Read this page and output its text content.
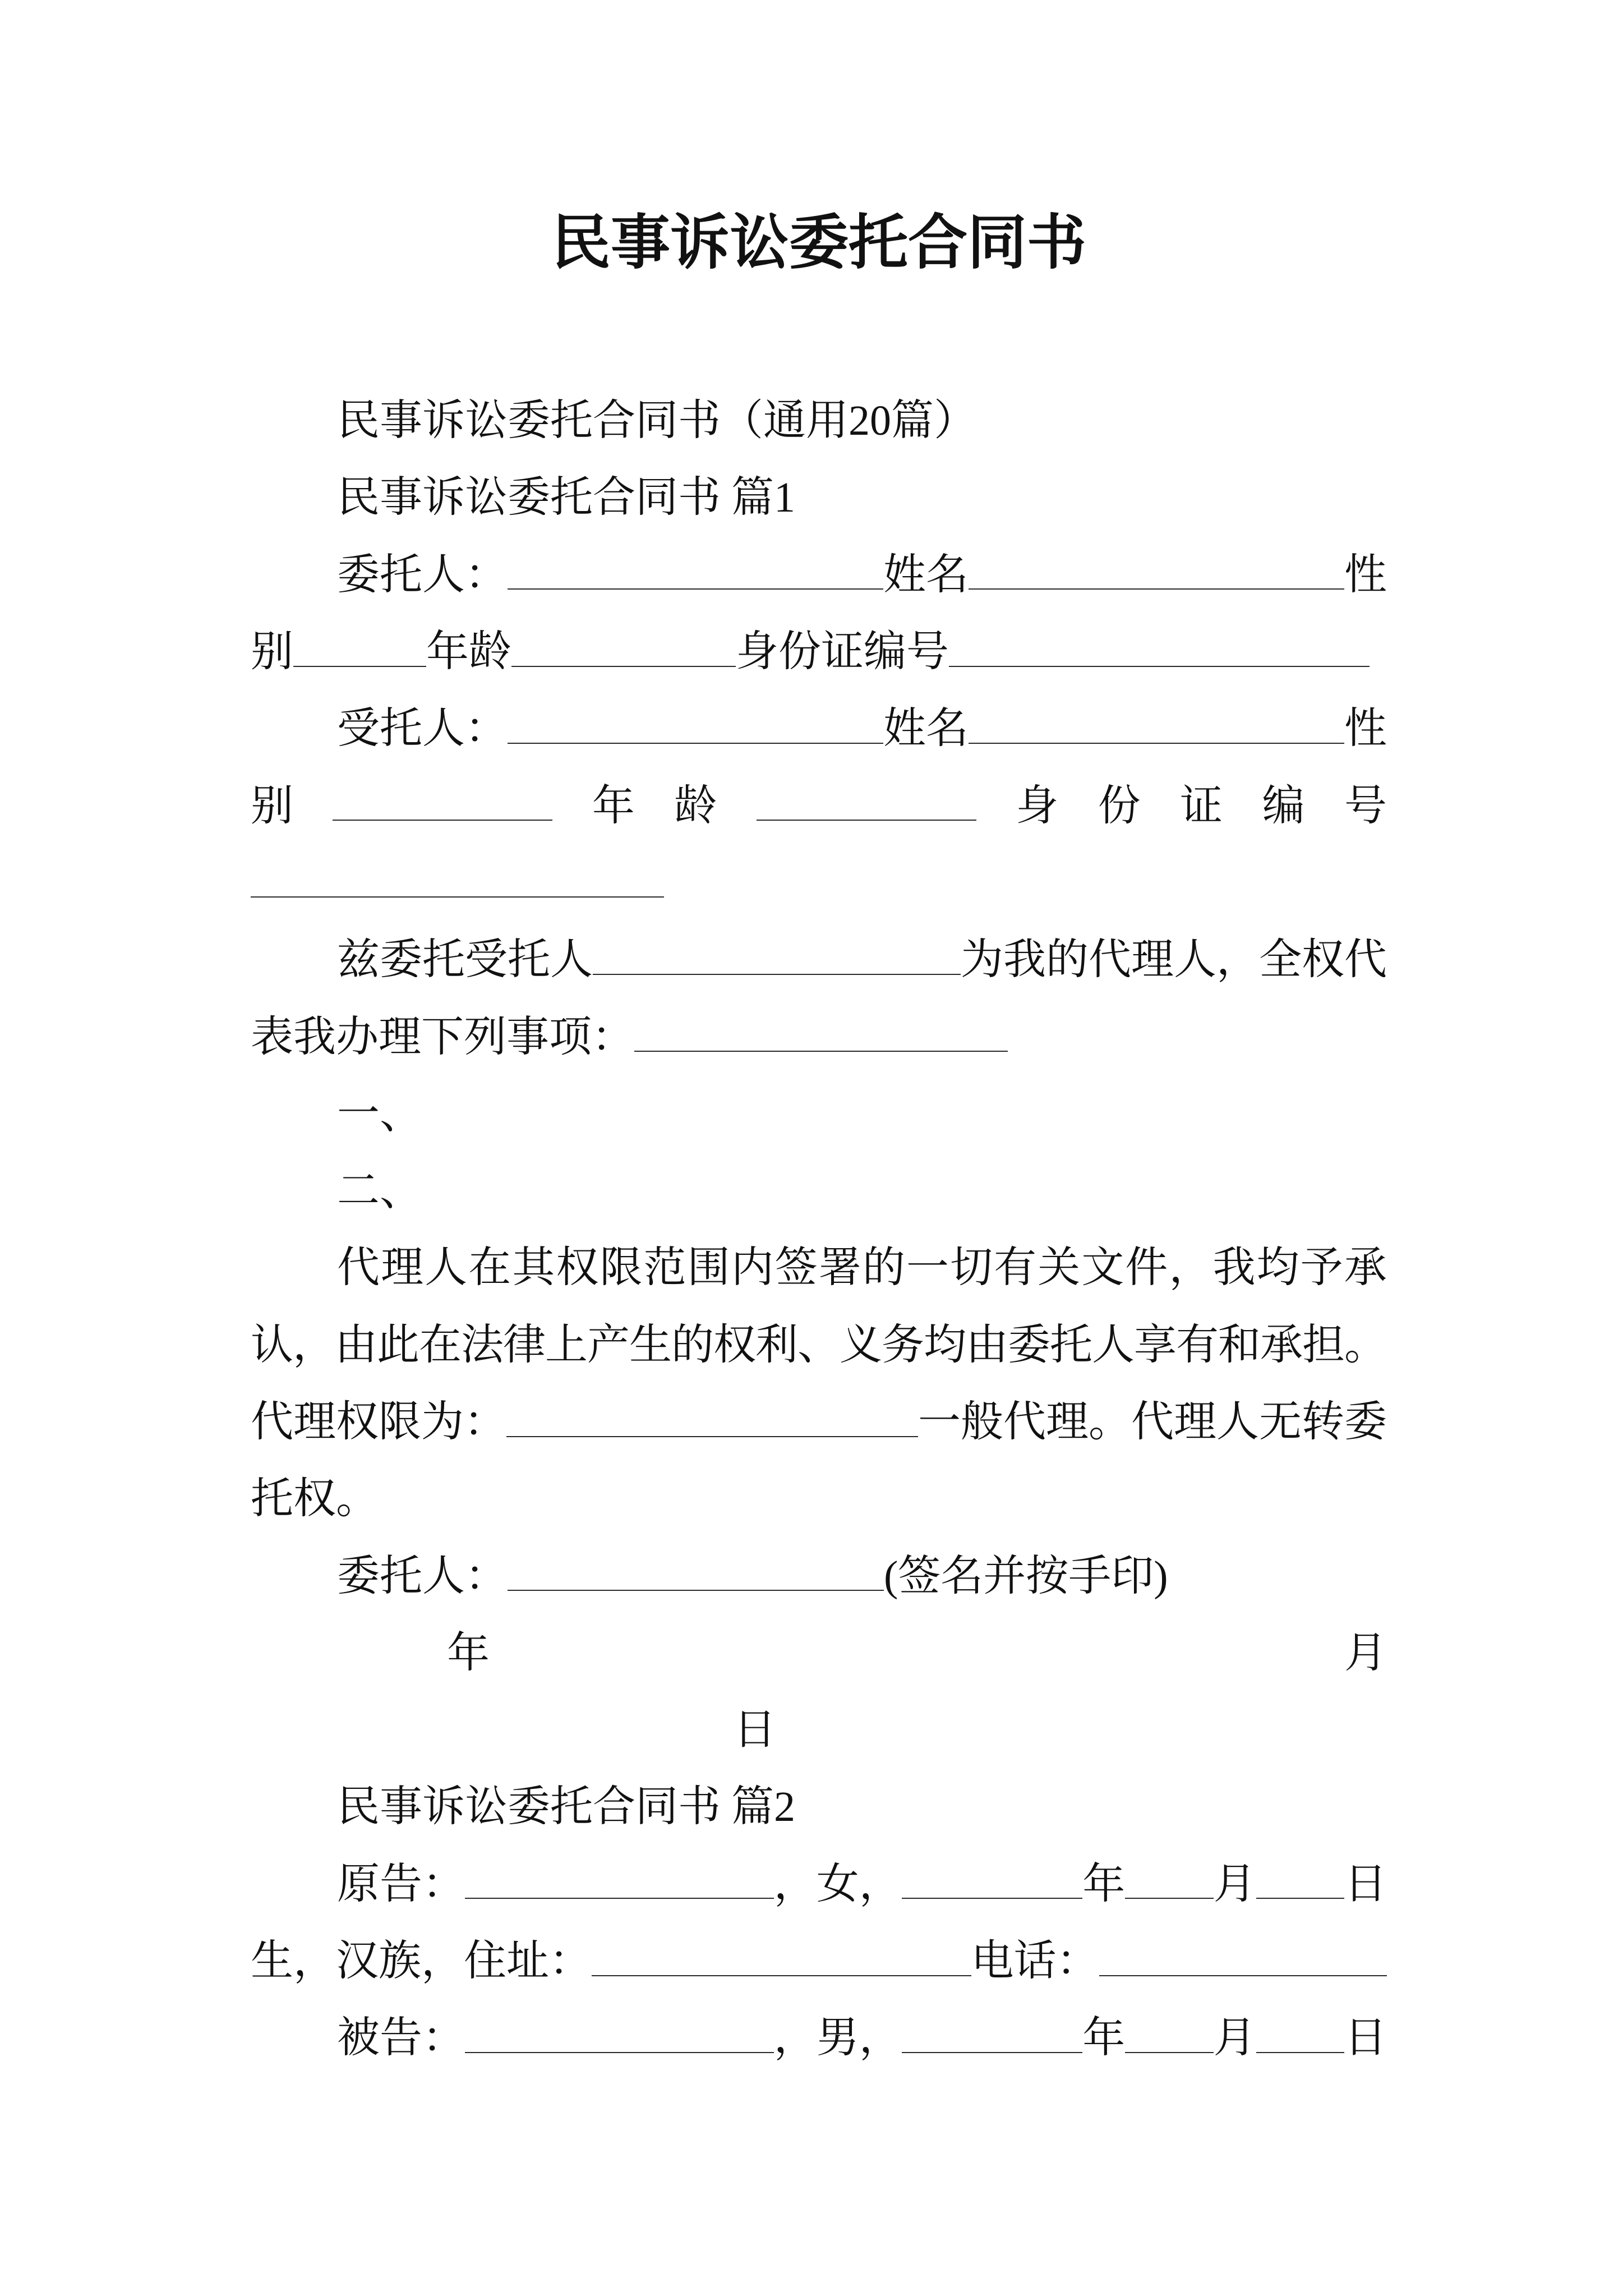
民事诉讼委托合同书
民事诉讼委托合同书（通用20篇）
民事诉讼委托合同书 篇1
委托人：	姓名	性
别	年龄	身份证编号
受托人：	姓名	性
别	年 龄	身 份 证 编 号
兹委托受托人	为我的代理人，全权代
表我办理下列事项：
一、
二、
代 理 人 在 其 权 限 范 围 内 签 署 的 一 切 有 关 文 件 ， 我 均 予 承
认，由此在法律上产生的权利、义务均由委托人享有和承担。
代理权限为：	一般代理。代理人无转委
托权。
委托人：	(签名并按手印)
年	月
日
民事诉讼委托合同书 篇2
原告：	，女，	年 月 日
生，汉族，住址：	电话：
被告：	，男，	年 月 日
